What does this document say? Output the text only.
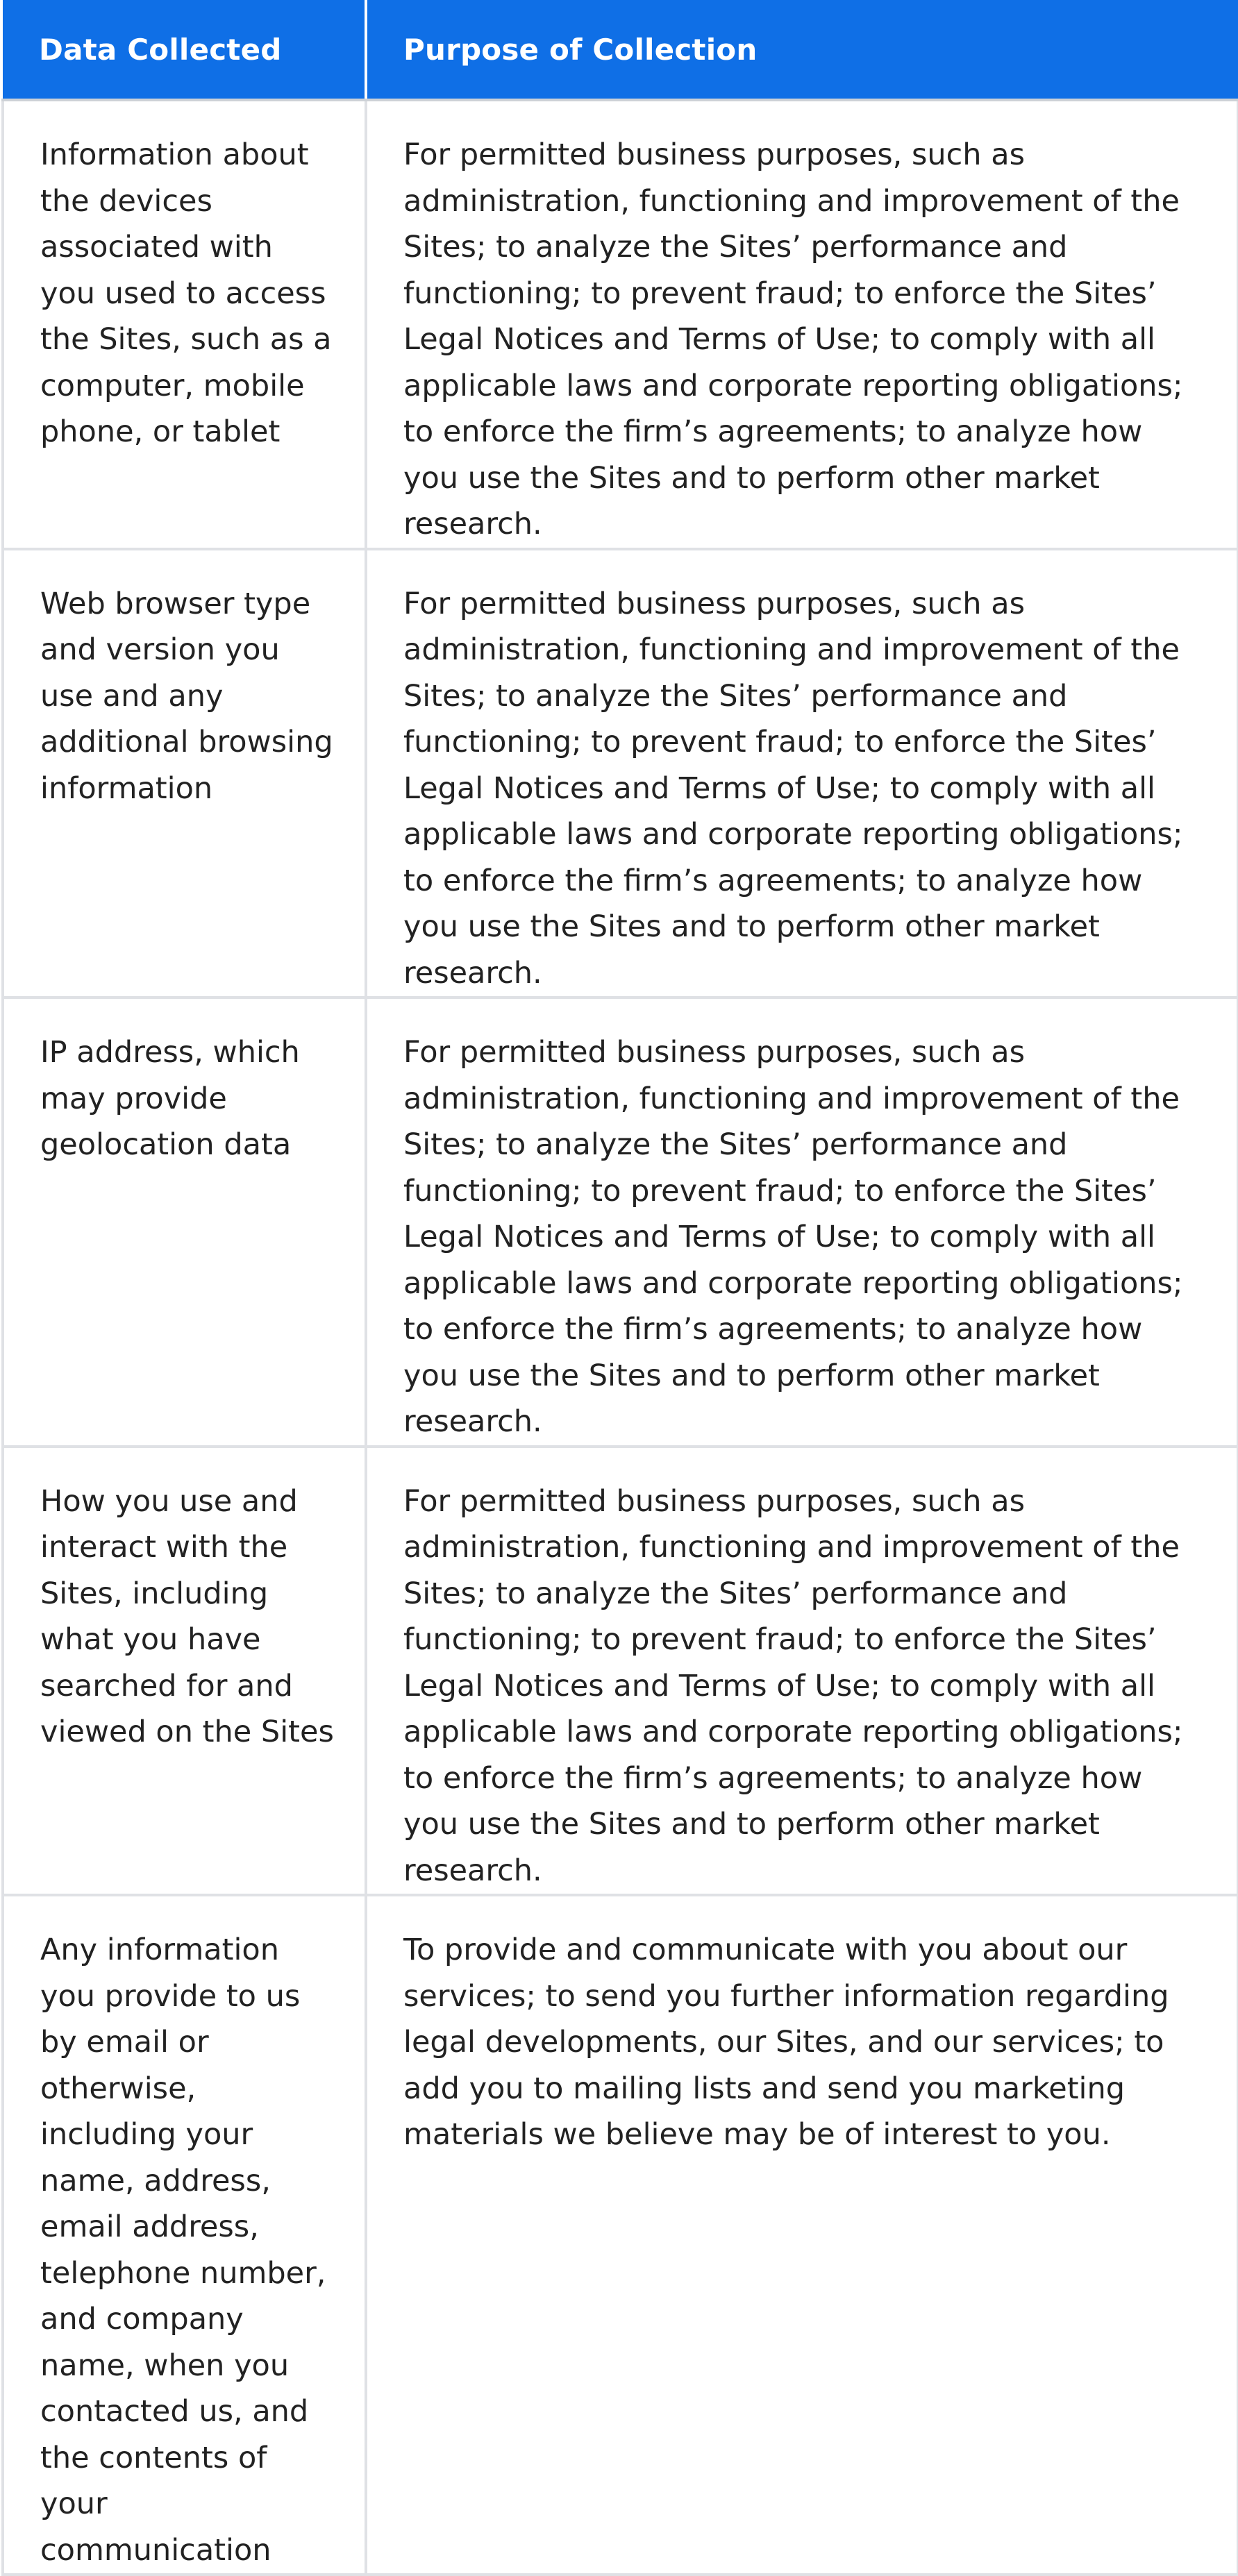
Data Collected	Purpose of Collection
Information about the devices associated with you used to access the Sites, such as a computer, mobile phone, or tablet	For permitted business purposes, such as administration, functioning and improvement of the Sites; to analyze the Sites’ performance and functioning; to prevent fraud; to enforce the Sites’ Legal Notices and Terms of Use; to comply with all applicable laws and corporate reporting obligations; to enforce the firm’s agreements; to analyze how you use the Sites and to perform other market research.
Web browser type and version you use and any additional browsing information	For permitted business purposes, such as administration, functioning and improvement of the Sites; to analyze the Sites’ performance and functioning; to prevent fraud; to enforce the Sites’ Legal Notices and Terms of Use; to comply with all applicable laws and corporate reporting obligations; to enforce the firm’s agreements; to analyze how you use the Sites and to perform other market research.
IP address, which may provide geolocation data	For permitted business purposes, such as administration, functioning and improvement of the Sites; to analyze the Sites’ performance and functioning; to prevent fraud; to enforce the Sites’ Legal Notices and Terms of Use; to comply with all applicable laws and corporate reporting obligations; to enforce the firm’s agreements; to analyze how you use the Sites and to perform other market research.
How you use and interact with the Sites, including what you have searched for and viewed on the Sites	For permitted business purposes, such as administration, functioning and improvement of the Sites; to analyze the Sites’ performance and functioning; to prevent fraud; to enforce the Sites’ Legal Notices and Terms of Use; to comply with all applicable laws and corporate reporting obligations; to enforce the firm’s agreements; to analyze how you use the Sites and to perform other market research.
Any information you provide to us by email or otherwise, including your name, address, email address, telephone number, and company name, when you contacted us, and the contents of your communication	To provide and communicate with you about our services; to send you further information regarding legal developments, our Sites, and our services; to add you to mailing lists and send you marketing materials we believe may be of interest to you.
